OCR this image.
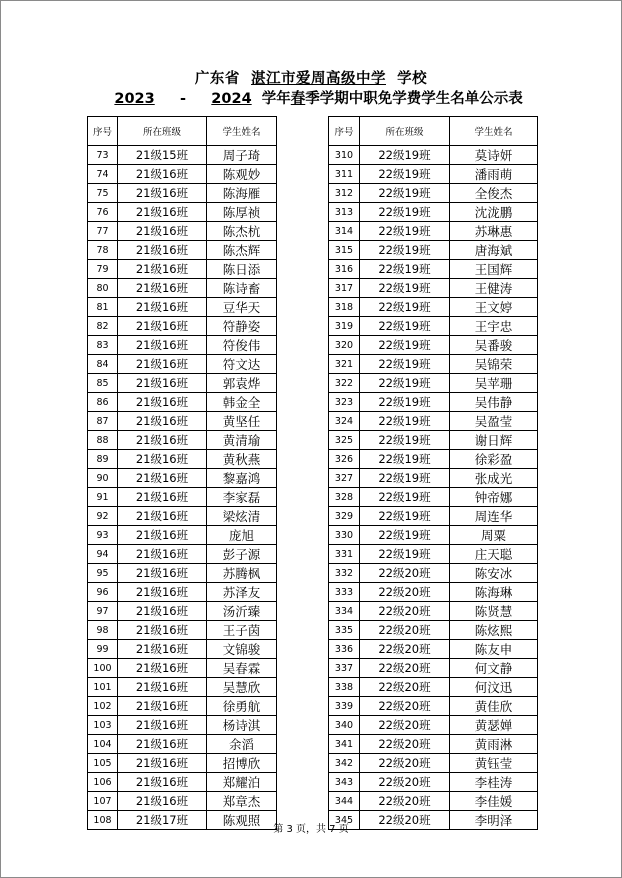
广东省 湛江市爱周高级中学 学校
2023 - 2024 学年春季学期中职免学费学生名单公示表
序号	所在班级	学生姓名
73	21级15班	周子琦
74	21级16班	陈观妙
75	21级16班	陈海雁
76	21级16班	陈厚祯
77	21级16班	陈杰杭
78	21级16班	陈杰辉
79	21级16班	陈日添
80	21级16班	陈诗畜
81	21级16班	豆华天
82	21级16班	符静姿
83	21级16班	符俊伟
84	21级16班	符文达
85	21级16班	郭袁烨
86	21级16班	韩金全
87	21级16班	黄坚任
88	21级16班	黄清瑜
89	21级16班	黄秋燕
90	21级16班	黎嘉鸿
91	21级16班	李家磊
92	21级16班	梁炫清
93	21级16班	庞旭
94	21级16班	彭子源
95	21级16班	苏腾枫
96	21级16班	苏泽友
97	21级16班	汤沂臻
98	21级16班	王子茵
99	21级16班	文锦骏
100	21级16班	吴春霖
101	21级16班	吴慧欣
102	21级16班	徐勇航
103	21级16班	杨诗淇
104	21级16班	余滔
105	21级16班	招博欣
106	21级16班	郑耀泊
107	21级16班	郑章杰
108	21级17班	陈观照
序号	所在班级	学生姓名
310	22级19班	莫诗妍
311	22级19班	潘雨萌
312	22级19班	全俊杰
313	22级19班	沈泷鹏
314	22级19班	苏琳惠
315	22级19班	唐海斌
316	22级19班	王国辉
317	22级19班	王健涛
318	22级19班	王文婷
319	22级19班	王宇忠
320	22级19班	吴番骏
321	22级19班	吴锦荣
322	22级19班	吴苹珊
323	22级19班	吴伟静
324	22级19班	吴盈莹
325	22级19班	谢日辉
326	22级19班	徐彩盈
327	22级19班	张成光
328	22级19班	钟帝娜
329	22级19班	周连华
330	22级19班	周粟
331	22级19班	庄天聪
332	22级20班	陈安冰
333	22级20班	陈海琳
334	22级20班	陈贤慧
335	22级20班	陈炫熙
336	22级20班	陈友申
337	22级20班	何文静
338	22级20班	何汶迅
339	22级20班	黄佳欣
340	22级20班	黄瑟婵
341	22级20班	黄雨淋
342	22级20班	黄钰莹
343	22级20班	李桂涛
344	22级20班	李佳媛
345	22级20班	李明泽
第 3 页，共 7 页
